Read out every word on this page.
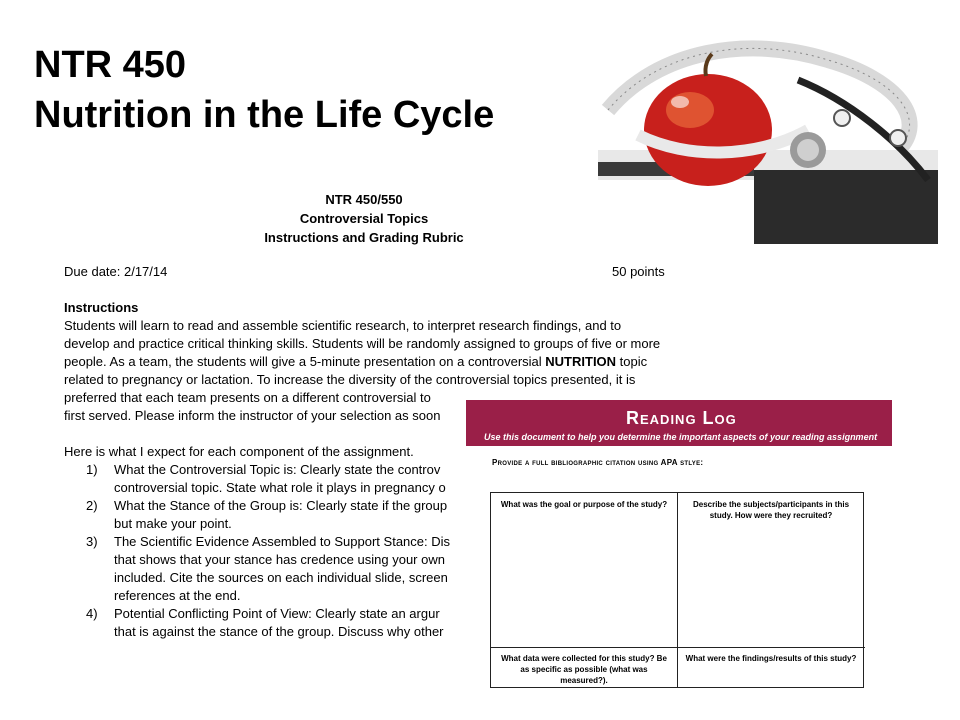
NTR 450
Nutrition in the Life Cycle
NTR 450/550
Controversial Topics
Instructions and Grading Rubric
Due date: 2/17/14	50 points
Instructions
Students will learn to read and assemble scientific research, to interpret research findings, and to
develop and practice critical thinking skills. Students will be randomly assigned to groups of five or more
people. As a team, the students will give a 5-minute presentation on a controversial NUTRITION topic
related to pregnancy or lactation. To increase the diversity of the controversial topics presented, it is
preferred that each team presents on a different controversial to
first served. Please inform the instructor of your selection as soon
Here is what I expect for each component of the assignment.
1) What the Controversial Topic is: Clearly state the controv
controversial topic. State what role it plays in pregnancy o
2) What the Stance of the Group is: Clearly state if the group
but make your point.
3) The Scientific Evidence Assembled to Support Stance: Dis
that shows that your stance has credence using your own
included. Cite the sources on each individual slide, screen
references at the end.
4) Potential Conflicting Point of View: Clearly state an argur
that is against the stance of the group. Discuss why other
Reading Log
Use this document to help you determine the important aspects of your reading assignment
Provide a full bibliographic citation using APA stlye:
What was the goal or purpose of the study?	Describe the subjects/participants in this study. How were they recruited?
What data were collected for this study? Be as specific as possible (what was measured?).
What were the findings/results of this study?
